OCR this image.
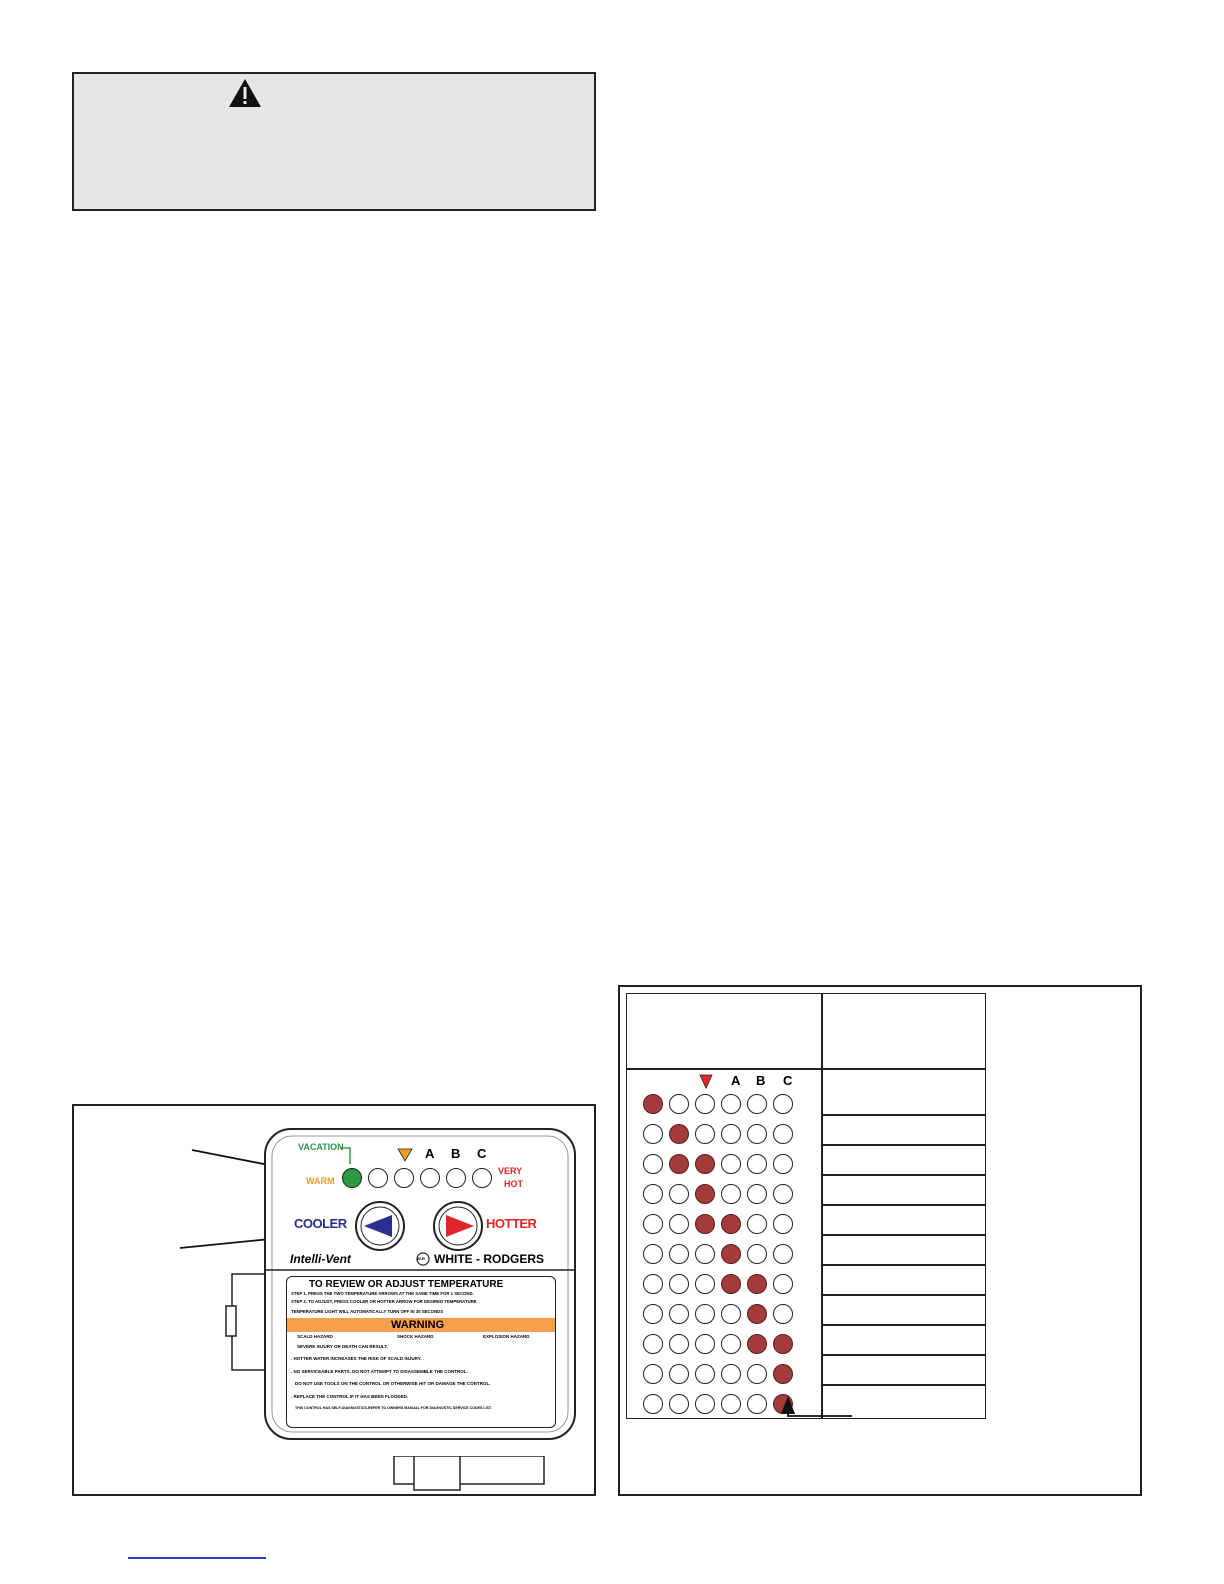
VACATION
WARM
A B C
VERY
HOT
COOLER	HOTTER
Intelli-Vent	W-R WHITE - RODGERS
TO REVIEW OR ADJUST TEMPERATURE
STEP 1. PRESS THE TWO TEMPERATURE ARROWS AT THE SAME TIME FOR 1 SECOND.
STEP 2. TO ADJUST, PRESS COOLER OR HOTTER ARROW FOR DESIRED TEMPERATURE
TEMPERATURE LIGHT WILL AUTOMATICALLY TURN OFF IN 30 SECONDS
WARNING
SCALD HAZARD	SHOCK HAZARD	EXPLOSION HAZARD
SEVERE INJURY OR DEATH CAN RESULT.
. HOTTER WATER INCREASES THE RISK OF SCALD INJURY.
. NO SERVICEABLE PARTS. DO NOT ATTEMPT TO DISASSEMBLE THE CONTROL.
DO NOT USE TOOLS ON THE CONTROL OR OTHERWISE HIT OR DAMAGE THE CONTROL.
. REPLACE THE CONTROL IF IT HAS BEEN FLOODED.
THIS CONTROL HAS SELF-DIAGNOSTICS-REFER TO OWNERS MANUAL FOR DIAGNOSTIC SERVICE CODES LIST.
A B C
